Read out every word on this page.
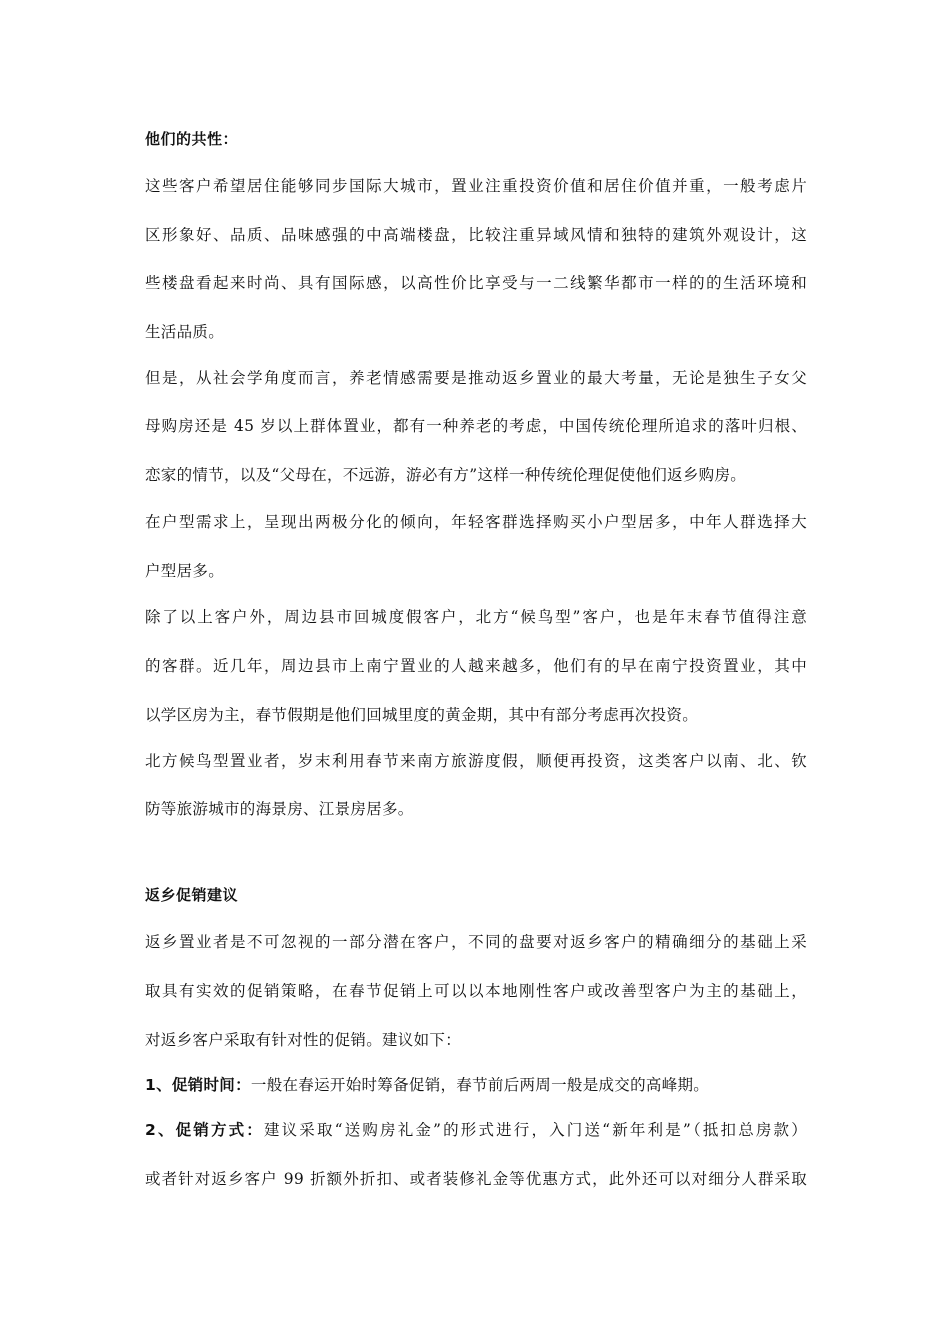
他们的共性：
这些客户希望居住能够同步国际大城市，置业注重投资价值和居住价值并重，一般考虑片
区形象好、品质、品味感强的中高端楼盘，比较注重异域风情和独特的建筑外观设计，这
些楼盘看起来时尚、具有国际感，以高性价比享受与一二线繁华都市一样的的生活环境和
生活品质。
但是，从社会学角度而言，养老情感需要是推动返乡置业的最大考量，无论是独生子女父
母购房还是 45 岁以上群体置业，都有一种养老的考虑，中国传统伦理所追求的落叶归根、
恋家的情节，以及“父母在，不远游，游必有方”这样一种传统伦理促使他们返乡购房。
在户型需求上，呈现出两极分化的倾向，年轻客群选择购买小户型居多，中年人群选择大
户型居多。
除了以上客户外，周边县市回城度假客户，北方“候鸟型”客户，也是年末春节值得注意
的客群。近几年，周边县市上南宁置业的人越来越多，他们有的早在南宁投资置业，其中
以学区房为主，春节假期是他们回城里度的黄金期，其中有部分考虑再次投资。
北方候鸟型置业者，岁末利用春节来南方旅游度假，顺便再投资，这类客户以南、北、钦
防等旅游城市的海景房、江景房居多。
返乡促销建议
返乡置业者是不可忽视的一部分潜在客户，不同的盘要对返乡客户的精确细分的基础上采
取具有实效的促销策略，在春节促销上可以以本地刚性客户或改善型客户为主的基础上，
对返乡客户采取有针对性的促销。建议如下：
1、促销时间：一般在春运开始时筹备促销，春节前后两周一般是成交的高峰期。
2、促销方式：建议采取“送购房礼金”的形式进行，入门送“新年利是”（抵扣总房款）
或者针对返乡客户 99 折额外折扣、或者装修礼金等优惠方式，此外还可以对细分人群采取
